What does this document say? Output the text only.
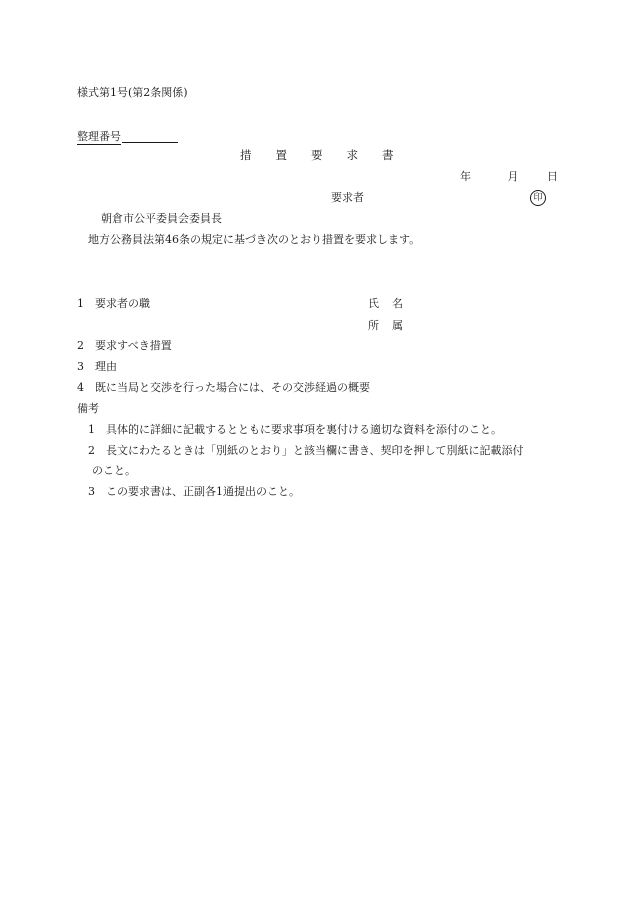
様式第1号(第2条関係)
整理番号
措置要求書
年	月	日
要求者	印
朝倉市公平委員会委員長
地方公務員法第46条の規定に基づき次のとおり措置を要求します。
1 要求者の職	氏名
所属
2 要求すべき措置
3 理由
4 既に当局と交渉を行った場合には、その交渉経過の概要
備考
1 具体的に詳細に記載するとともに要求事項を裏付ける適切な資料を添付のこと。
2 長文にわたるときは「別紙のとおり」と該当欄に書き、契印を押して別紙に記載添付
のこと。
3 この要求書は、正副各1通提出のこと。
